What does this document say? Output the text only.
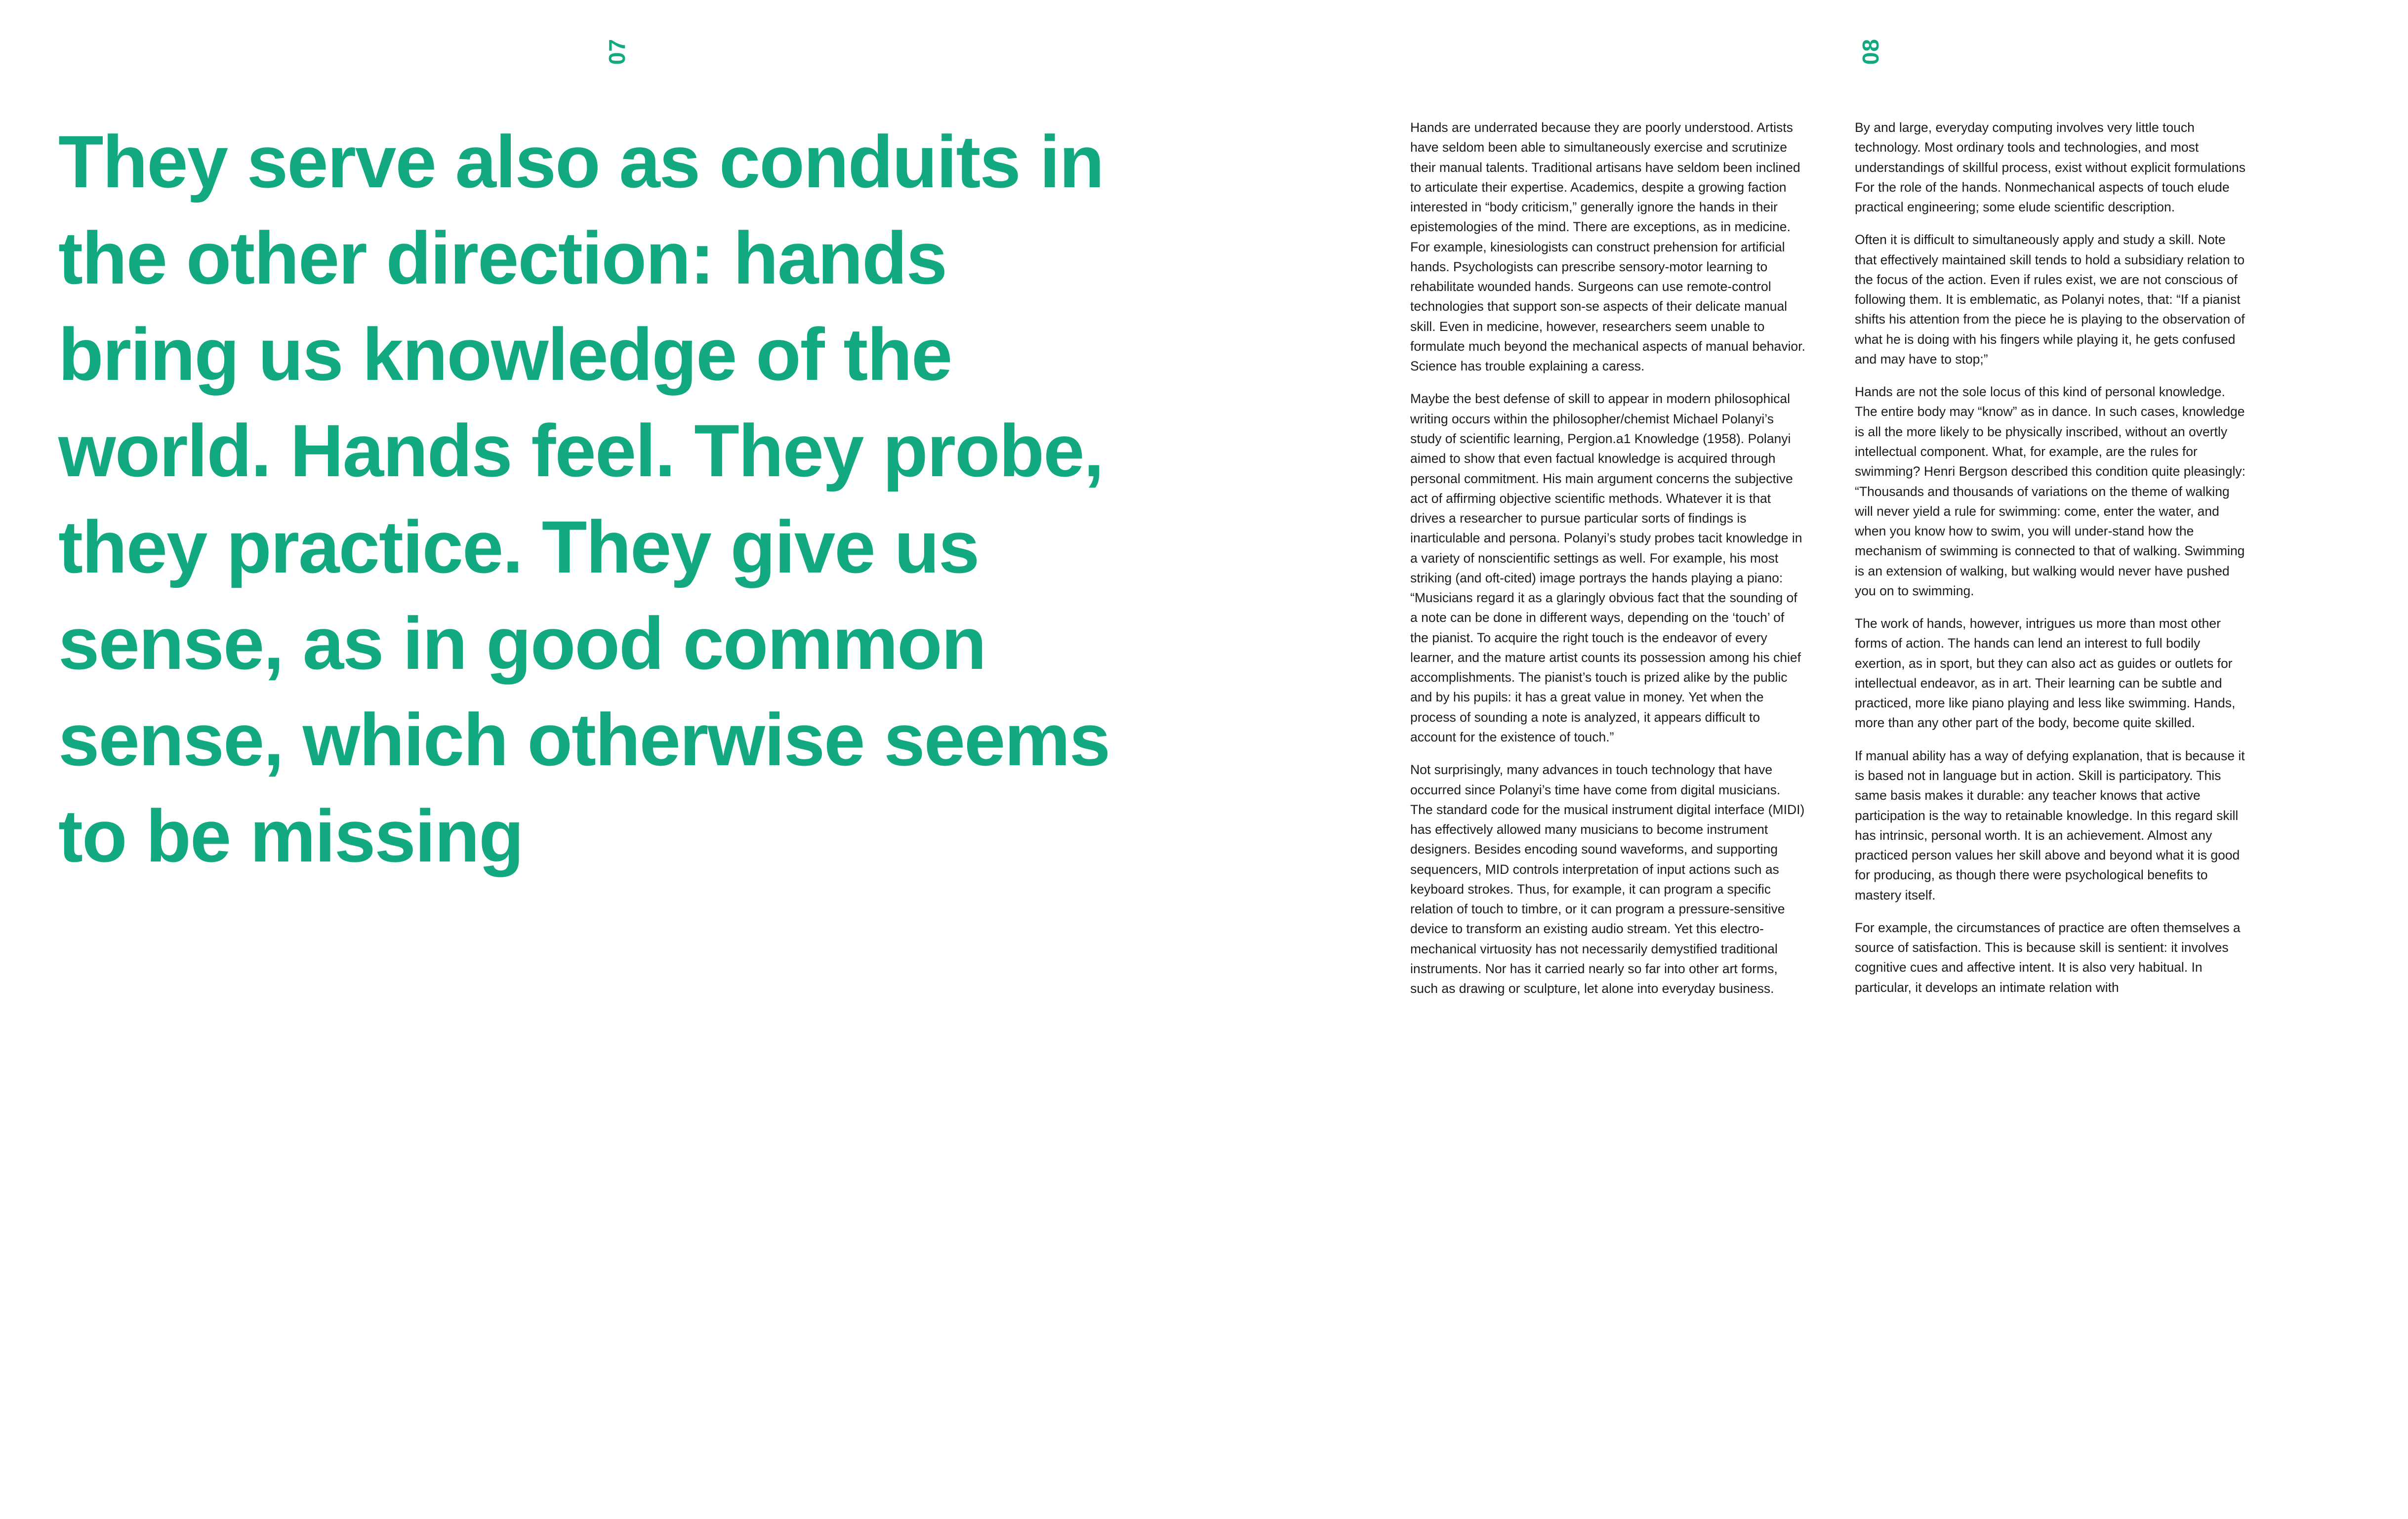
07	08
They serve also as conduits in the other direction: hands bring us knowledge of the world. Hands feel. They probe, they practice. They give us sense, as in good common sense, which otherwise seems to be missing

Hands are underrated because they are poorly understood. Artists have seldom been able to simultaneously exercise and scrutinize their manual talents. Traditional artisans have seldom been inclined to articulate their expertise. Academics, despite a growing faction interested in “body criticism,” generally ignore the hands in their epistemologies of the mind. There are exceptions, as in medicine. For example, kinesiologists can construct prehension for artificial hands. Psychologists can prescribe sensory-motor learning to rehabilitate wounded hands. Surgeons can use remote-control technologies that support son-se aspects of their delicate manual skill. Even in medicine, however, researchers seem unable to formulate much beyond the mechanical aspects of manual behavior. Science has trouble explaining a caress.

Maybe the best defense of skill to appear in modern philosophical writing occurs within the philosopher/chemist Michael Polanyi’s study of scientific learning, Pergion.a1 Knowledge (1958). Polanyi aimed to show that even factual knowledge is acquired through personal commitment. His main argument concerns the subjective act of affirming objective scientific methods. Whatever it is that drives a researcher to pursue particular sorts of findings is inarticulable and persona. Polanyi’s study probes tacit knowledge in a variety of nonscientific settings as well. For example, his most striking (and oft-cited) image portrays the hands playing a piano: “Musicians regard it as a glaringly obvious fact that the sounding of a note can be done in different ways, depending on the ‘touch’ of the pianist. To acquire the right touch is the endeavor of every learner, and the mature artist counts its possession among his chief accomplishments. The pianist’s touch is prized alike by the public and by his pupils: it has a great value in money. Yet when the process of sounding a note is analyzed, it appears difficult to account for the existence of touch.”

Not surprisingly, many advances in touch technology that have occurred since Polanyi’s time have come from digital musicians. The standard code for the musical instrument digital interface (MIDI) has effectively allowed many musicians to become instrument designers. Besides encoding sound waveforms, and supporting sequencers, MID controls interpretation of input actions such as keyboard strokes. Thus, for example, it can program a specific relation of touch to timbre, or it can program a pressure-sensitive device to transform an existing audio stream. Yet this electro-mechanical virtuosity has not necessarily demystified traditional instruments. Nor has it carried nearly so far into other art forms, such as drawing or sculpture, let alone into everyday business.

By and large, everyday computing involves very little touch technology. Most ordinary tools and technologies, and most understandings of skillful process, exist without explicit formulations For the role of the hands. Nonmechanical aspects of touch elude practical engineering; some elude scientific description.

Often it is difficult to simultaneously apply and study a skill. Note that effectively maintained skill tends to hold a subsidiary relation to the focus of the action. Even if rules exist, we are not conscious of following them. It is emblematic, as Polanyi notes, that: “If a pianist shifts his attention from the piece he is playing to the observation of what he is doing with his fingers while playing it, he gets confused and may have to stop;”

Hands are not the sole locus of this kind of personal knowledge. The entire body may “know” as in dance. In such cases, knowledge is all the more likely to be physically inscribed, without an overtly intellectual component. What, for example, are the rules for swimming? Henri Bergson described this condition quite pleasingly: “Thousands and thousands of variations on the theme of walking will never yield a rule for swimming: come, enter the water, and when you know how to swim, you will under-stand how the mechanism of swimming is connected to that of walking. Swimming is an extension of walking, but walking would never have pushed you on to swimming.

The work of hands, however, intrigues us more than most other forms of action. The hands can lend an interest to full bodily exertion, as in sport, but they can also act as guides or outlets for intellectual endeavor, as in art. Their learning can be subtle and practiced, more like piano playing and less like swimming. Hands, more than any other part of the body, become quite skilled.

If manual ability has a way of defying explanation, that is because it is based not in language but in action. Skill is participatory. This same basis makes it durable: any teacher knows that active participation is the way to retainable knowledge. In this regard skill has intrinsic, personal worth. It is an achievement. Almost any practiced person values her skill above and beyond what it is good for producing, as though there were psychological benefits to mastery itself.

For example, the circumstances of practice are often themselves a source of satisfaction. This is because skill is sentient: it involves cognitive cues and affective intent. It is also very habitual. In particular, it develops an intimate relation with
